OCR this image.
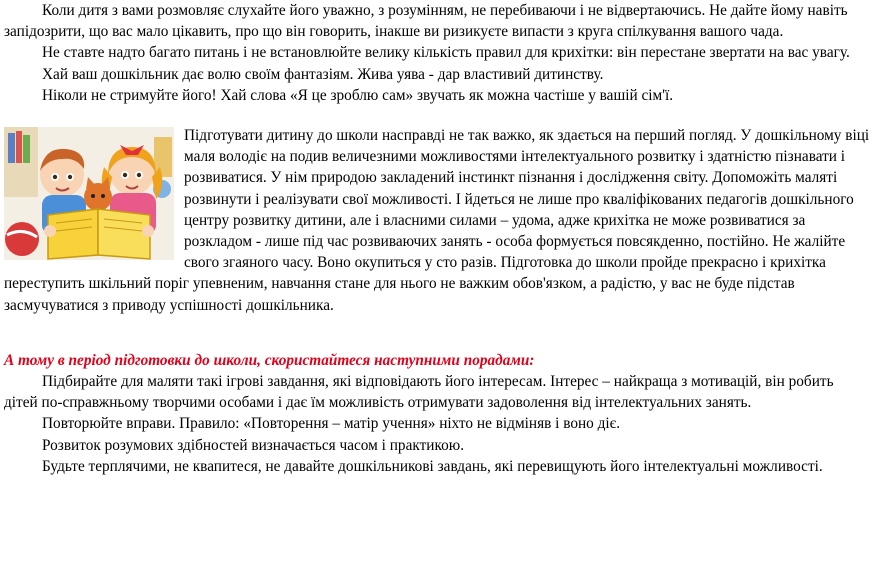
Коли дитя з вами розмовляє слухайте його уважно, з розумінням, не перебиваючи і не відвертаючись. Не дайте йому навіть запідозрити, що вас мало цікавить, про що він говорить, інакше ви ризикуєте випасти з круга спілкування вашого чада.

Не ставте надто багато питань і не встановлюйте велику кількість правил для крихітки: він перестане звертати на вас увагу.

Хай ваш дошкільник дає волю своїм фантазіям. Жива уява - дар властивий дитинству.

Ніколи не стримуйте його! Хай слова «Я це зроблю сам» звучать як можна частіше у вашій сім'ї.

Підготувати дитину до школи насправді не так важко, як здається на перший погляд. У дошкільному віці маля володіє на подив величезними можливостями інтелектуального розвитку і здатністю пізнавати і розвиватися. У нім природою закладений інстинкт пізнання і дослідження світу. Допоможіть маляті розвинути і реалізувати свої можливості. І йдеться не лише про кваліфікованих педагогів дошкільного центру розвитку дитини, але і власними силами – удома, адже крихітка не може розвиватися за розкладом - лише під час розвиваючих занять - особа формується повсякденно, постійно. Не жалійте свого згаяного часу. Воно окупиться у сто разів. Підготовка до школи пройде прекрасно і крихітка переступить шкільний поріг упевненим, навчання стане для нього не важким обов'язком, а радістю, у вас не буде підстав засмучуватися з приводу успішності дошкільника.

А тому в період підготовки до школи, скористайтеся наступними порадами:

Підбирайте для маляти такі ігрові завдання, які відповідають його інтересам. Інтерес – найкраща з мотивацій, він робить дітей по-справжньому творчими особами і дає їм можливість отримувати задоволення від інтелектуальних занять.

Повторюйте вправи. Правило: «Повторення – матір учення» ніхто не відміняв і воно діє.

Розвиток розумових здібностей визначається часом і практикою.

Будьте терплячими, не квапитеся, не давайте дошкільникові завдань, які перевищують його інтелектуальні можливості.
